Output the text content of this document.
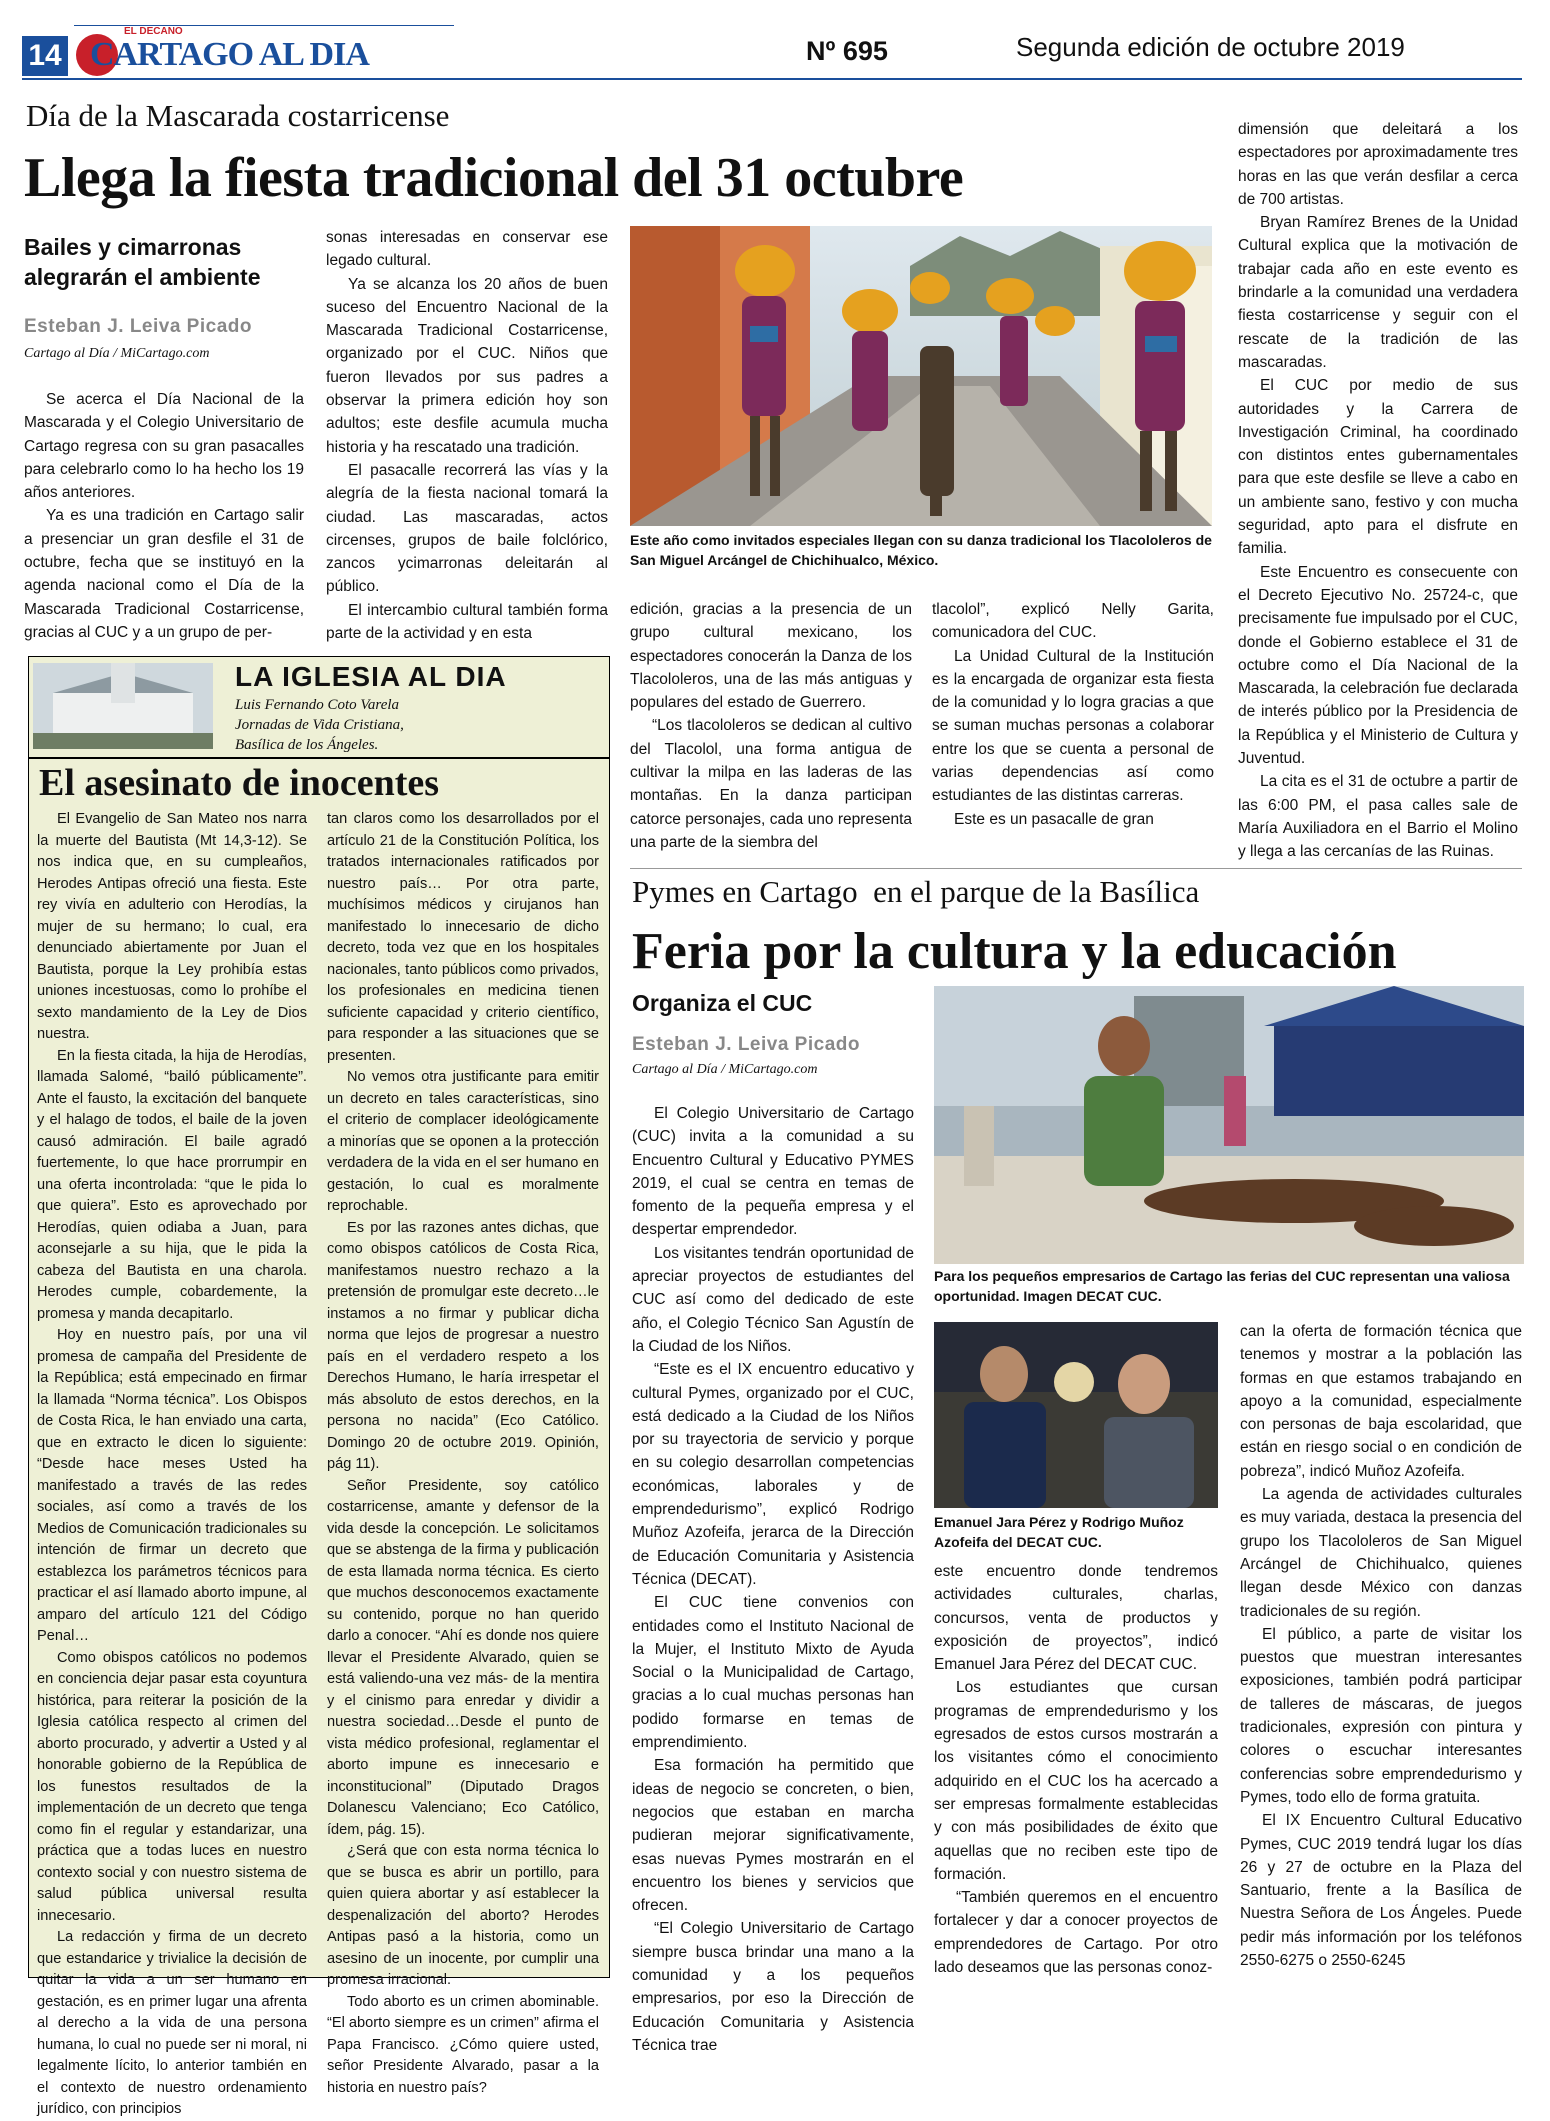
14
EL DECANO
CARTAGO AL DIA	Nº 695	Segunda edición de octubre 2019
Día de la Mascarada costarricense
Llega la fiesta tradicional del 31 octubre
Bailes y cimarronas alegrarán el ambiente
Esteban J. Leiva Picado
Cartago al Día / MiCartago.com

Se acerca el Día Nacional de la Mascarada y el Colegio Universitario de Cartago regresa con su gran pasacalles para celebrarlo como lo ha hecho los 19 años anteriores.

Ya es una tradición en Cartago salir a presenciar un gran desfile el 31 de octubre, fecha que se instituyó en la agenda nacional como el Día de la Mascarada Tradicional Costarricense, gracias al CUC y a un grupo de per-

sonas interesadas en conservar ese legado cultural.

Ya se alcanza los 20 años de buen suceso del Encuentro Nacional de la Mascarada Tradicional Costarricense, organizado por el CUC. Niños que fueron llevados por sus padres a observar la primera edición hoy son adultos; este desfile acumula mucha historia y ha rescatado una tradición.

El pasacalle recorrerá las vías y la alegría de la fiesta nacional tomará la ciudad. Las mascaradas, actos circenses, grupos de baile folclórico, zancos ycimarronas deleitarán al público.

El intercambio cultural también forma parte de la actividad y en esta

Este año como invitados especiales llegan con su danza tradicional los Tlacololeros de San Miguel Arcángel de Chichihualco, México.

edición, gracias a la presencia de un grupo cultural mexicano, los espectadores conocerán la Danza de los Tlacololeros, una de las más antiguas y populares del estado de Guerrero.

“Los tlacololeros se dedican al cultivo del Tlacolol, una forma antigua de cultivar la milpa en las laderas de las montañas. En la danza participan catorce personajes, cada uno representa una parte de la siembra del

tlacolol”, explicó Nelly Garita, comunicadora del CUC.

La Unidad Cultural de la Institución es la encargada de organizar esta fiesta de la comunidad y lo logra gracias a que se suman muchas personas a colaborar entre los que se cuenta a personal de varias dependencias así como estudiantes de las distintas carreras.

Este es un pasacalle de gran

dimensión que deleitará a los espectadores por aproximadamente tres horas en las que verán desfilar a cerca de 700 artistas.

Bryan Ramírez Brenes de la Unidad Cultural explica que la motivación de trabajar cada año en este evento es brindarle a la comunidad una verdadera fiesta costarricense y seguir con el rescate de la tradición de las mascaradas.

El CUC por medio de sus autoridades y la Carrera de Investigación Criminal, ha coordinado con distintos entes gubernamentales para que este desfile se lleve a cabo en un ambiente sano, festivo y con mucha seguridad, apto para el disfrute en familia.

Este Encuentro es consecuente con el Decreto Ejecutivo No. 25724-c, que precisamente fue impulsado por el CUC, donde el Gobierno establece el 31 de octubre como el Día Nacional de la Mascarada, la celebración fue declarada de interés público por la Presidencia de la República y el Ministerio de Cultura y Juventud.

La cita es el 31 de octubre a partir de las 6:00 PM, el pasa calles sale de María Auxiliadora en el Barrio el Molino y llega a las cercanías de las Ruinas.

LA IGLESIA AL DIA
Luis Fernando Coto Varela
Jornadas de Vida Cristiana,
Basílica de los Ángeles.
El asesinato de inocentes

El Evangelio de San Mateo nos narra la muerte del Bautista (Mt 14,3-12). Se nos indica que, en su cumpleaños, Herodes Antipas ofreció una fiesta. Este rey vivía en adulterio con Herodías, la mujer de su hermano; lo cual, era denunciado abiertamente por Juan el Bautista, porque la Ley prohibía estas uniones incestuosas, como lo prohíbe el sexto mandamiento de la Ley de Dios nuestra.

En la fiesta citada, la hija de Herodías, llamada Salomé, “bailó públicamente”. Ante el fausto, la excitación del banquete y el halago de todos, el baile de la joven causó admiración. El baile agradó fuertemente, lo que hace prorrumpir en una oferta incontrolada: “que le pida lo que quiera”. Esto es aprovechado por Herodías, quien odiaba a Juan, para aconsejarle a su hija, que le pida la cabeza del Bautista en una charola. Herodes cumple, cobardemente, la promesa y manda decapitarlo.

Hoy en nuestro país, por una vil promesa de campaña del Presidente de la República; está empecinado en firmar la llamada “Norma técnica”. Los Obispos de Costa Rica, le han enviado una carta, que en extracto le dicen lo siguiente: “Desde hace meses Usted ha manifestado a través de las redes sociales, así como a través de los Medios de Comunicación tradicionales su intención de firmar un decreto que establezca los parámetros técnicos para practicar el así llamado aborto impune, al amparo del artículo 121 del Código Penal…

Como obispos católicos no podemos en conciencia dejar pasar esta coyuntura histórica, para reiterar la posición de la Iglesia católica respecto al crimen del aborto procurado, y advertir a Usted y al honorable gobierno de la República de los funestos resultados de la implementación de un decreto que tenga como fin el regular y estandarizar, una práctica que a todas luces en nuestro contexto social y con nuestro sistema de salud pública universal resulta innecesario.

La redacción y firma de un decreto que estandarice y trivialice la decisión de quitar la vida a un ser humano en gestación, es en primer lugar una afrenta al derecho a la vida de una persona humana, lo cual no puede ser ni moral, ni legalmente lícito, lo anterior también en el contexto de nuestro ordenamiento jurídico, con principios

tan claros como los desarrollados por el artículo 21 de la Constitución Política, los tratados internacionales ratificados por nuestro país… Por otra parte, muchísimos médicos y cirujanos han manifestado lo innecesario de dicho decreto, toda vez que en los hospitales nacionales, tanto públicos como privados, los profesionales en medicina tienen suficiente capacidad y criterio científico, para responder a las situaciones que se presenten.

No vemos otra justificante para emitir un decreto en tales características, sino el criterio de complacer ideológicamente a minorías que se oponen a la protección verdadera de la vida en el ser humano en gestación, lo cual es moralmente reprochable.

Es por las razones antes dichas, que como obispos católicos de Costa Rica, manifestamos nuestro rechazo a la pretensión de promulgar este decreto…le instamos a no firmar y publicar dicha norma que lejos de progresar a nuestro país en el verdadero respeto a los Derechos Humano, le haría irrespetar el más absoluto de estos derechos, en la persona no nacida” (Eco Católico. Domingo 20 de octubre 2019. Opinión, pág 11).

Señor Presidente, soy católico costarricense, amante y defensor de la vida desde la concepción. Le solicitamos que se abstenga de la firma y publicación de esta llamada norma técnica. Es cierto que muchos desconocemos exactamente su contenido, porque no han querido darlo a conocer. “Ahí es donde nos quiere llevar el Presidente Alvarado, quien se está valiendo-una vez más- de la mentira y el cinismo para enredar y dividir a nuestra sociedad…Desde el punto de vista médico profesional, reglamentar el aborto impune es innecesario e inconstitucional” (Diputado Dragos Dolanescu Valenciano; Eco Católico, ídem, pág. 15).

¿Será que con esta norma técnica lo que se busca es abrir un portillo, para quien quiera abortar y así establecer la despenalización del aborto? Herodes Antipas pasó a la historia, como un asesino de un inocente, por cumplir una promesa irracional.

Todo aborto es un crimen abominable. “El aborto siempre es un crimen” afirma el Papa Francisco. ¿Cómo quiere usted, señor Presidente Alvarado, pasar a la historia en nuestro país?

Pymes en Cartago  en el parque de la Basílica
Feria por la cultura y la educación
Organiza el CUC
Esteban J. Leiva Picado
Cartago al Día / MiCartago.com
Para los pequeños empresarios de Cartago las ferias del CUC representan una valiosa oportunidad. Imagen DECAT CUC.
Emanuel Jara Pérez y Rodrigo Muñoz Azofeifa del DECAT CUC.

El Colegio Universitario de Cartago (CUC) invita a la comunidad a su Encuentro Cultural y Educativo PYMES 2019, el cual se centra en temas de fomento de la pequeña empresa y el despertar emprendedor.

Los visitantes tendrán oportunidad de apreciar proyectos de estudiantes del CUC así como del dedicado de este año, el Colegio Técnico San Agustín de la Ciudad de los Niños.

“Este es el IX encuentro educativo y cultural Pymes, organizado por el CUC, está dedicado a la Ciudad de los Niños por su trayectoria de servicio y porque en su colegio desarrollan competencias económicas, laborales y de emprendedurismo”, explicó Rodrigo Muñoz Azofeifa, jerarca de la Dirección de Educación Comunitaria y Asistencia Técnica (DECAT).

El CUC tiene convenios con entidades como el Instituto Nacional de la Mujer, el Instituto Mixto de Ayuda Social o la Municipalidad de Cartago, gracias a lo cual muchas personas han podido formarse en temas de emprendimiento.

Esa formación ha permitido que ideas de negocio se concreten, o bien, negocios que estaban en marcha pudieran mejorar significativamente, esas nuevas Pymes mostrarán en el encuentro los bienes y servicios que ofrecen.

“El Colegio Universitario de Cartago siempre busca brindar una mano a la comunidad y a los pequeños empresarios, por eso la Dirección de Educación Comunitaria y Asistencia Técnica trae

este encuentro donde tendremos actividades culturales, charlas, concursos, venta de productos y exposición de proyectos”, indicó Emanuel Jara Pérez del DECAT CUC.

Los estudiantes que cursan programas de emprendedurismo y los egresados de estos cursos mostrarán a los visitantes cómo el conocimiento adquirido en el CUC los ha acercado a ser empresas formalmente establecidas y con más posibilidades de éxito que aquellas que no reciben este tipo de formación.

“También queremos en el encuentro fortalecer y dar a conocer proyectos de emprendedores de Cartago. Por otro lado deseamos que las personas conoz-

can la oferta de formación técnica que tenemos y mostrar a la población las formas en que estamos trabajando en apoyo a la comunidad, especialmente con personas de baja escolaridad, que están en riesgo social o en condición de pobreza”, indicó Muñoz Azofeifa.

La agenda de actividades culturales es muy variada, destaca la presencia del grupo los Tlacololeros de San Miguel Arcángel de Chichihualco, quienes llegan desde México con danzas tradicionales de su región.

El público, a parte de visitar los puestos que muestran interesantes exposiciones, también podrá participar de talleres de máscaras, de juegos tradicionales, expresión con pintura y colores o escuchar interesantes conferencias sobre emprendedurismo y Pymes, todo ello de forma gratuita.

El IX Encuentro Cultural Educativo Pymes, CUC 2019 tendrá lugar los días 26 y 27 de octubre en la Plaza del Santuario, frente a la Basílica de Nuestra Señora de Los Ángeles. Puede pedir más información por los teléfonos 2550-6275 o 2550-6245
